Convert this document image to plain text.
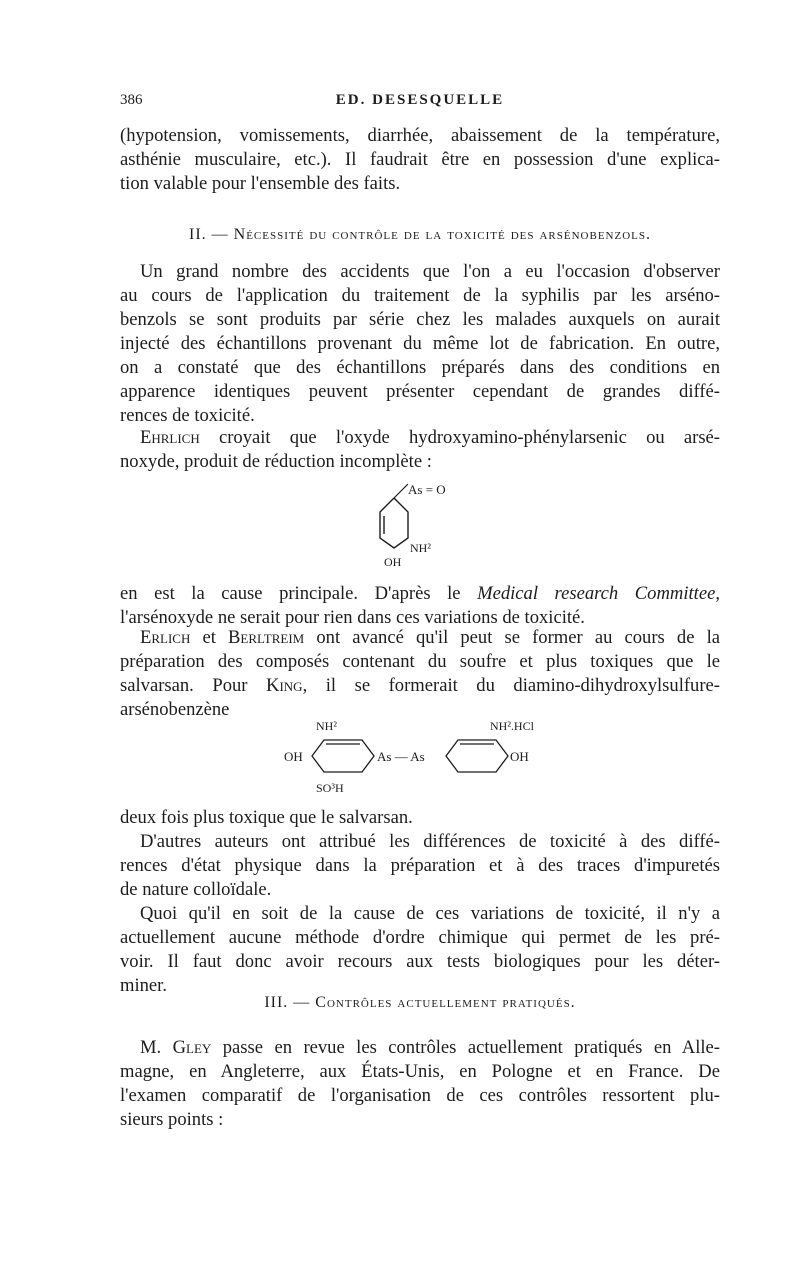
386	ED. DESESQUELLE
(hypotension, vomissements, diarrhée, abaissement de la température,
asthénie musculaire, etc.). Il faudrait être en possession d'une explica-
tion valable pour l'ensemble des faits.
II. — Nécessité du contrôle de la toxicité des arsénobenzols.
Un grand nombre des accidents que l'on a eu l'occasion d'observer
au cours de l'application du traitement de la syphilis par les arséno-
benzols se sont produits par série chez les malades auxquels on aurait
injecté des échantillons provenant du même lot de fabrication. En outre,
on a constaté que des échantillons préparés dans des conditions en
apparence identiques peuvent présenter cependant de grandes diffé-
rences de toxicité.
Ehrlich croyait que l'oxyde hydroxyamino-phénylarsenic ou arsé-
noxyde, produit de réduction incomplète :
As = O
NH²
OH
en est la cause principale. D'après le Medical research Committee,
l'arsénoxyde ne serait pour rien dans ces variations de toxicité.
Erlich et Berltreim ont avancé qu'il peut se former au cours de la
préparation des composés contenant du soufre et plus toxiques que le
salvarsan. Pour King, il se formerait du diamino-dihydroxylsulfure-
arsénobenzène
NH²	NH².HCl
OH	As — As	OH
SO³H
deux fois plus toxique que le salvarsan.
D'autres auteurs ont attribué les différences de toxicité à des diffé-
rences d'état physique dans la préparation et à des traces d'impuretés
de nature colloïdale.
Quoi qu'il en soit de la cause de ces variations de toxicité, il n'y a
actuellement aucune méthode d'ordre chimique qui permet de les pré-
voir. Il faut donc avoir recours aux tests biologiques pour les déter-
miner.
III. — Contrôles actuellement pratiqués.
M. Gley passe en revue les contrôles actuellement pratiqués en Alle-
magne, en Angleterre, aux États-Unis, en Pologne et en France. De
l'examen comparatif de l'organisation de ces contrôles ressortent plu-
sieurs points :
